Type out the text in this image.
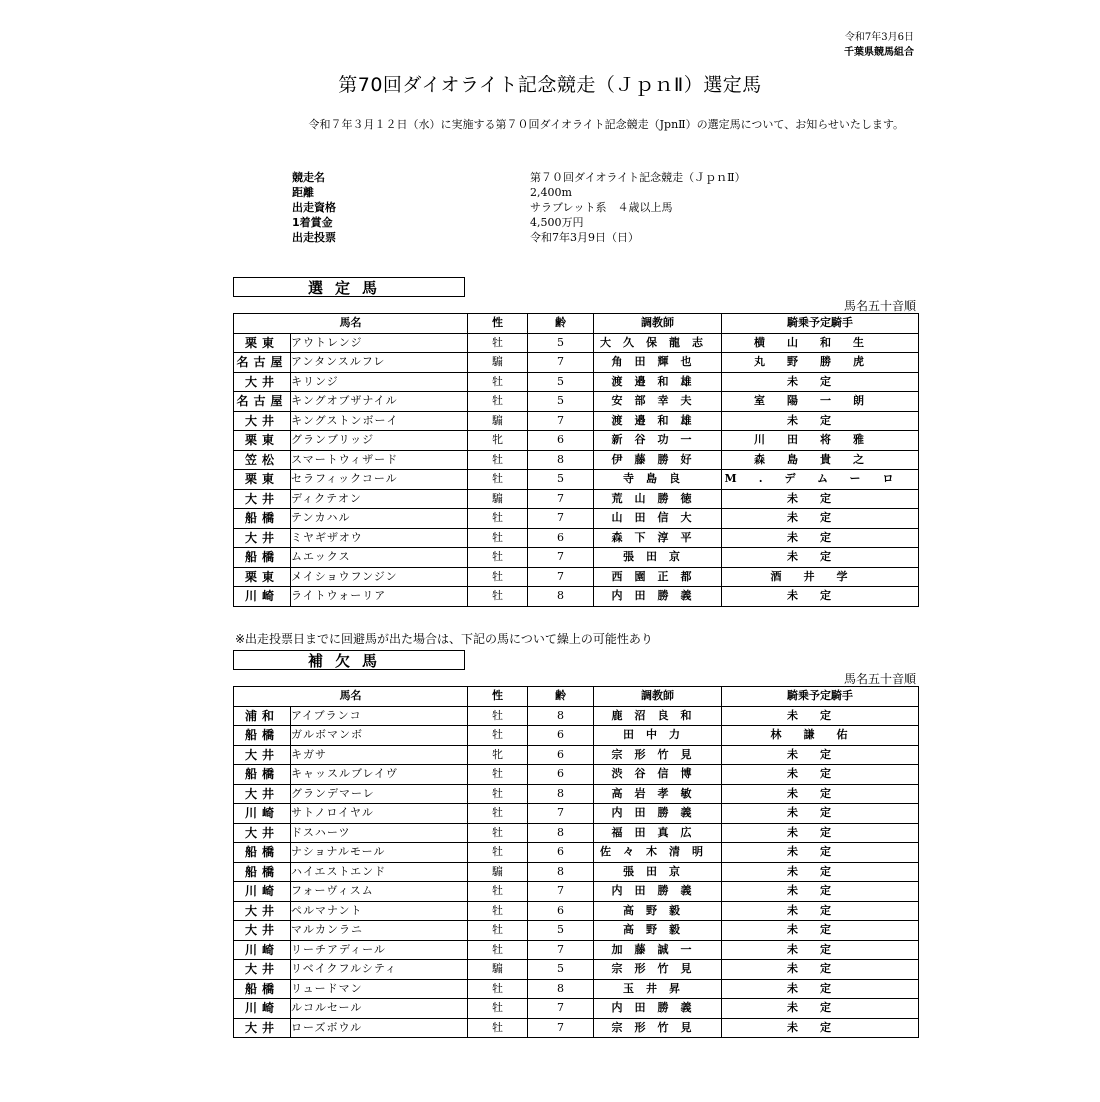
令和7年3月6日
千葉県競馬組合
第70回ダイオライト記念競走（ＪｐｎⅡ）選定馬
令和７年３月１２日（水）に実施する第７０回ダイオライト記念競走（JpnⅡ）の選定馬について、お知らせいたします。
競走名	第７０回ダイオライト記念競走（ＪｐｎⅡ）
距離	2,400m
出走資格	サラブレット系　４歳以上馬
1着賞金	4,500万円
出走投票	令和7年3月9日（日）
選定馬
馬名五十音順
馬名		性	齢	調教師	騎乗予定騎手
栗東	アウトレンジ	牡	5	大久保龍志	横山和生
名古屋	アンタンスルフレ	騸	7	角田輝也	丸野勝虎
大井	キリンジ	牡	5	渡邉和雄	未定
名古屋	キングオブザナイル	牡	5	安部幸夫	室陽一朗
大井	キングストンボーイ	騸	7	渡邉和雄	未定
栗東	グランブリッジ	牝	6	新谷功一	川田将雅
笠松	スマートウィザード	牡	8	伊藤勝好	森島貴之
栗東	セラフィックコール	牡	5	寺島良	M.デムーロ
大井	ディクテオン	騸	7	荒山勝徳	未定
船橋	テンカハル	牡	7	山田信大	未定
大井	ミヤギザオウ	牡	6	森下淳平	未定
船橋	ムエックス	牡	7	張田京	未定
栗東	メイショウフンジン	牡	7	西園正都	酒井学
川崎	ライトウォーリア	牡	8	内田勝義	未定
※出走投票日までに回避馬が出た場合は、下記の馬について繰上の可能性あり
補欠馬
馬名五十音順
馬名		性	齢	調教師	騎乗予定騎手
浦和	アイブランコ	牡	8	鹿沼良和	未定
船橋	ガルボマンボ	牡	6	田中力	林謙佑
大井	キガサ	牝	6	宗形竹見	未定
船橋	キャッスルブレイヴ	牡	6	渋谷信博	未定
大井	グランデマーレ	牡	8	高岩孝敏	未定
川崎	サトノロイヤル	牡	7	内田勝義	未定
大井	ドスハーツ	牡	8	福田真広	未定
船橋	ナショナルモール	牡	6	佐々木清明	未定
船橋	ハイエストエンド	騸	8	張田京	未定
川崎	フォーヴィスム	牡	7	内田勝義	未定
大井	ペルマナント	牡	6	高野毅	未定
大井	マルカンラニ	牡	5	高野毅	未定
川崎	リーチアディール	牡	7	加藤誠一	未定
大井	リベイクフルシティ	騸	5	宗形竹見	未定
船橋	リュードマン	牡	8	玉井昇	未定
川崎	ルコルセール	牡	7	内田勝義	未定
大井	ローズボウル	牡	7	宗形竹見	未定
